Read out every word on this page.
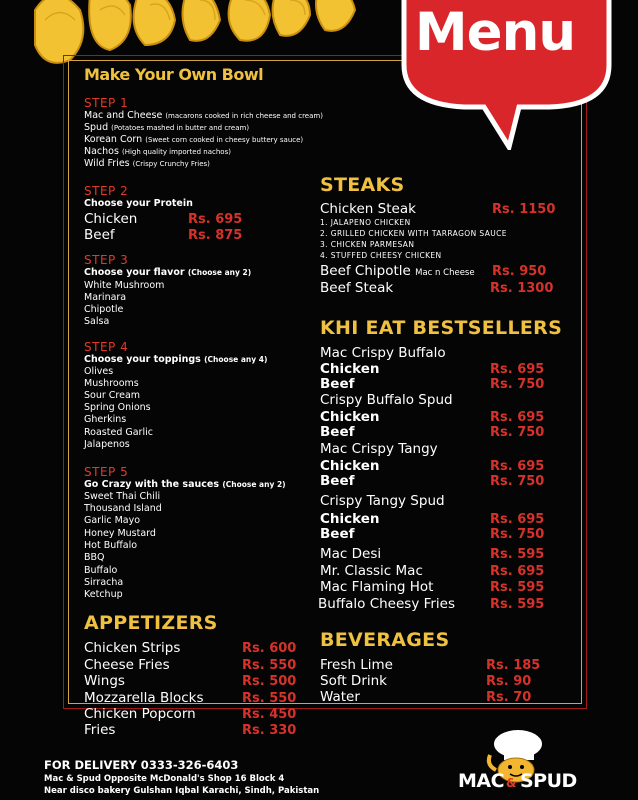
Menu
Make Your Own Bowl
STEP 1
Mac and Cheese (macarons cooked in rich cheese and cream)
Spud (Potatoes mashed in butter and cream)
Korean Corn (Sweet corn cooked in cheesy buttery sauce)
Nachos (High quality imported nachos)
Wild Fries (Crispy Crunchy Fries)
STEP 2
Choose your Protein
Chicken	Rs. 695
Beef	Rs. 875
STEP 3
Choose your flavor (Choose any 2)
White Mushroom
Marinara
Chipotle
Salsa
STEP 4
Choose your toppings (Choose any 4)
Olives
Mushrooms
Sour Cream
Spring Onions
Gherkins
Roasted Garlic
Jalapenos
STEP 5
Go Crazy with the sauces (Choose any 2)
Sweet Thai Chili
Thousand Island
Garlic Mayo
Honey Mustard
Hot Buffalo
BBQ
Buffalo
Sirracha
Ketchup
APPETIZERS
Chicken Strips	Rs. 600
Cheese Fries	Rs. 550
Wings	Rs. 500
Mozzarella Blocks	Rs. 550
Chicken Popcorn	Rs. 450
Fries	Rs. 330
STEAKS
Chicken Steak	Rs. 1150
1. JALAPENO CHICKEN
2. GRILLED CHICKEN WITH TARRAGON SAUCE
3. CHICKEN PARMESAN
4. STUFFED CHEESY CHICKEN
Beef Chipotle Mac n Cheese Rs. 950
Beef Steak	Rs. 1300
KHI EAT BESTSELLERS
Mac Crispy Buffalo
Chicken	Rs. 695
Beef	Rs. 750
Crispy Buffalo Spud
Chicken	Rs. 695
Beef	Rs. 750
Mac Crispy Tangy
Chicken	Rs. 695
Beef	Rs. 750
Crispy Tangy Spud
Chicken	Rs. 695
Beef	Rs. 750
Mac Desi	Rs. 595
Mr. Classic Mac	Rs. 695
Mac Flaming Hot	Rs. 595
Buffalo Cheesy Fries	Rs. 595
BEVERAGES
Fresh Lime	Rs. 185
Soft Drink	Rs. 90
Water	Rs. 70
FOR DELIVERY 0333-326-6403
Mac & Spud Opposite McDonald's Shop 16 Block 4
Near disco bakery Gulshan Iqbal Karachi, Sindh, Pakistan	MAC & SPUD
